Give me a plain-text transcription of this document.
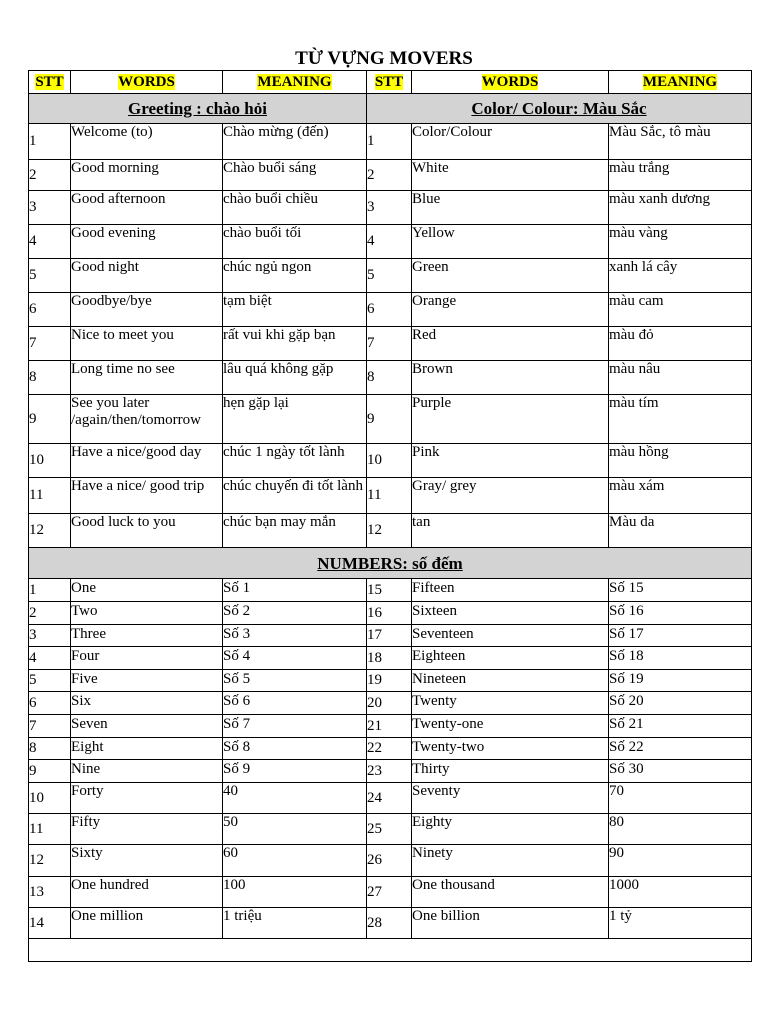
TỪ VỰNG MOVERS
STT	WORDS	MEANING	STT	WORDS	MEANING
Greeting : chào hỏi			Color/ Colour: Màu Sắc		
1	Welcome (to)	Chào mừng (đến)	1	Color/Colour	Màu Sắc, tô màu
2	Good morning	Chào buổi sáng	2	White	màu trắng
3	Good afternoon	chào buổi chiều	3	Blue	màu xanh dương
4	Good evening	chào buổi tối	4	Yellow	màu vàng
5	Good night	chúc ngủ ngon	5	Green	xanh lá cây
6	Goodbye/bye	tạm biệt	6	Orange	màu cam
7	Nice to meet you	rất vui khi gặp bạn	7	Red	màu đỏ
8	Long time no see	lâu quá không gặp	8	Brown	màu nâu
9	See you later /again/then/tomorrow	hẹn gặp lại	9	Purple	màu tím
10	Have a nice/good day	chúc 1 ngày tốt lành	10	Pink	màu hồng
11	Have a nice/ good trip	chúc chuyến đi tốt lành	11	Gray/ grey	màu xám
12	Good luck to you	chúc bạn may mắn	12	tan	Màu da
NUMBERS: số đếm					
1	One	Số 1	15	Fifteen	Số 15
2	Two	Số 2	16	Sixteen	Số 16
3	Three	Số 3	17	Seventeen	Số 17
4	Four	Số 4	18	Eighteen	Số 18
5	Five	Số 5	19	Nineteen	Số 19
6	Six	Số 6	20	Twenty	Số 20
7	Seven	Số 7	21	Twenty-one	Số 21
8	Eight	Số 8	22	Twenty-two	Số 22
9	Nine	Số 9	23	Thirty	Số 30
10	Forty	40	24	Seventy	70
11	Fifty	50	25	Eighty	80
12	Sixty	60	26	Ninety	90
13	One hundred	100	27	One thousand	1000
14	One million	1 triệu	28	One billion	1 tỷ
